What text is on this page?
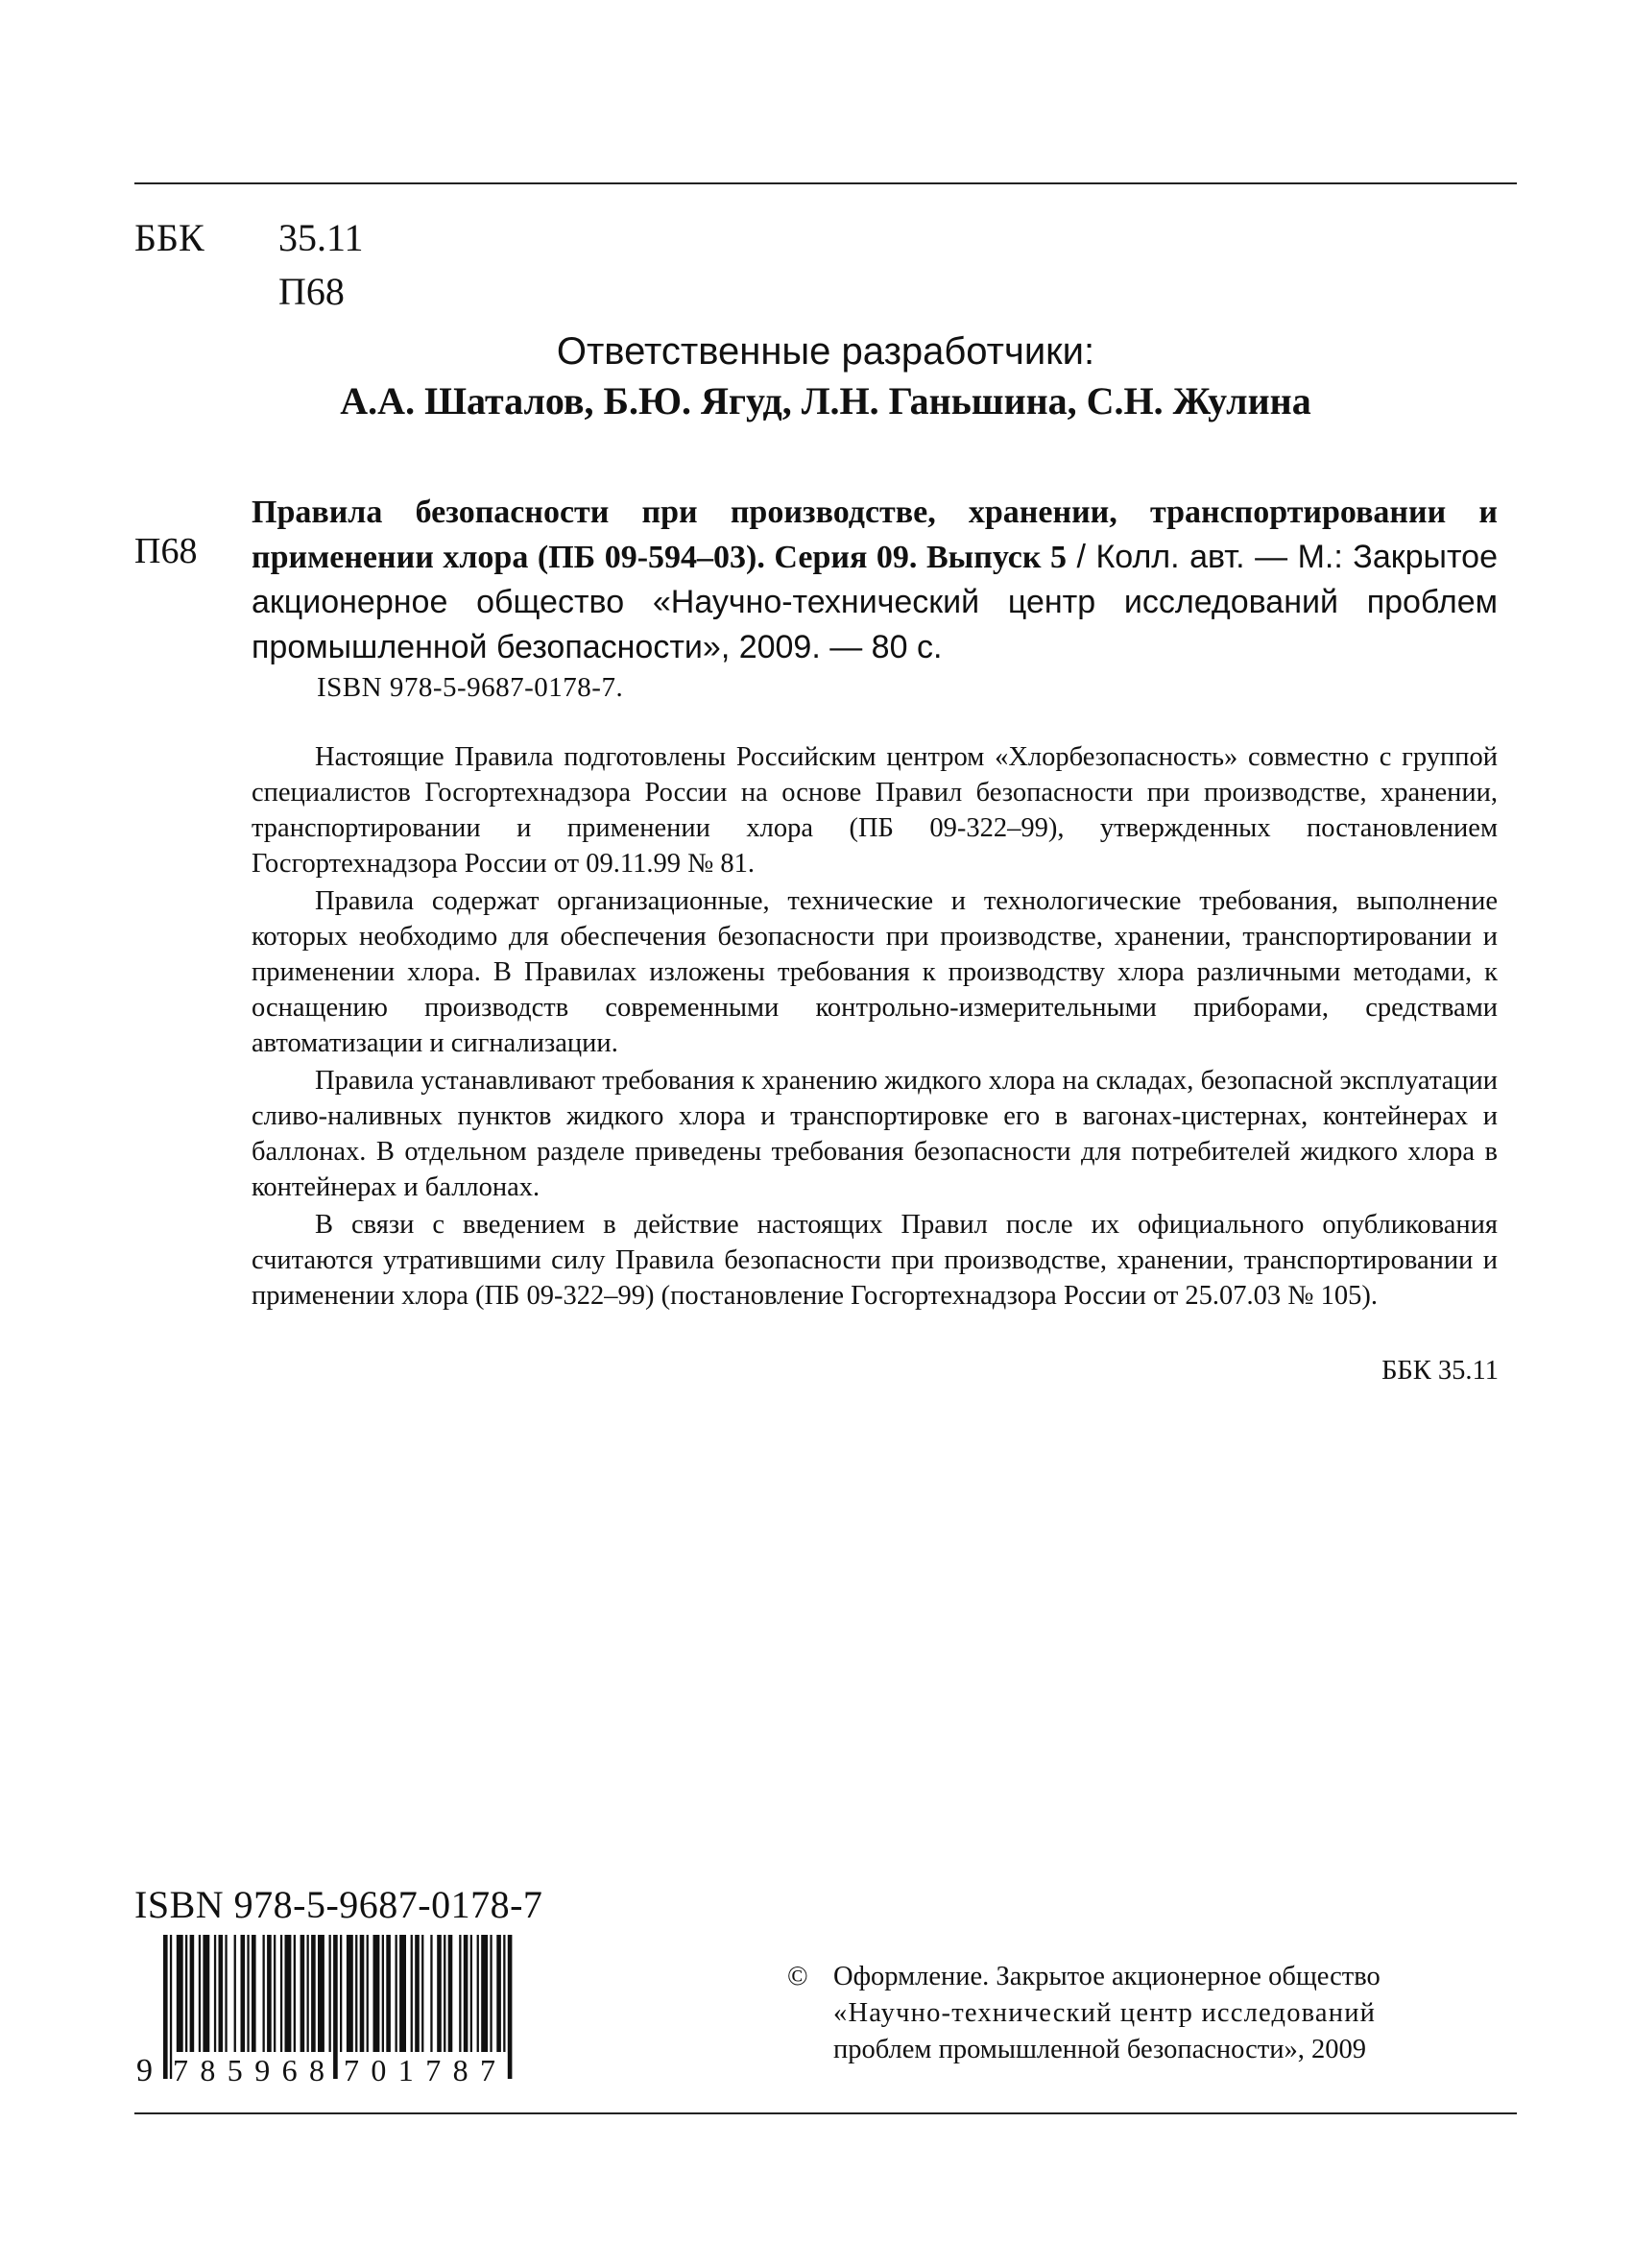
ББК 35.11
П68
Ответственные разработчики:
А.А. Шаталов, Б.Ю. Ягуд, Л.Н. Ганьшина, С.Н. Жулина
П68
Правила безопасности при производстве, хранении, транспортировании и применении хлора (ПБ 09-594–03). Серия 09. Выпуск 5 / Колл. авт. — М.: Закрытое акционерное общество «Научно-технический центр исследований проблем промышленной безопасности», 2009. — 80 с.
ISBN 978-5-9687-0178-7.

Настоящие Правила подготовлены Российским центром «Хлорбезопасность» совместно с группой специалистов Госгортехнадзора России на основе Правил безопасности при производстве, хранении, транспортировании и применении хлора (ПБ 09-322–99), утвержденных постановлением Госгортехнадзора России от 09.11.99 № 81.

Правила содержат организационные, технические и технологические требования, выполнение которых необходимо для обеспечения безопасности при производстве, хранении, транспортировании и применении хлора. В Правилах изложены требования к производству хлора различными методами, к оснащению производств современными контрольно-измерительными приборами, средствами автоматизации и сигнализации.

Правила устанавливают требования к хранению жидкого хлора на складах, безопасной эксплуатации сливо-наливных пунктов жидкого хлора и транспортировке его в вагонах-цистернах, контейнерах и баллонах. В отдельном разделе приведены требования безопасности для потребителей жидкого хлора в контейнерах и баллонах.

В связи с введением в действие настоящих Правил после их официального опубликования считаются утратившими силу Правила безопасности при производстве, хранении, транспортировании и применении хлора (ПБ 09-322–99) (постановление Госгортехнадзора России от 25.07.03 № 105).

ББК 35.11
ISBN 978-5-9687-0178-7
9 785968 701787
© Оформление. Закрытое акционерное общество
«Научно-технический центр исследований
проблем промышленной безопасности», 2009
